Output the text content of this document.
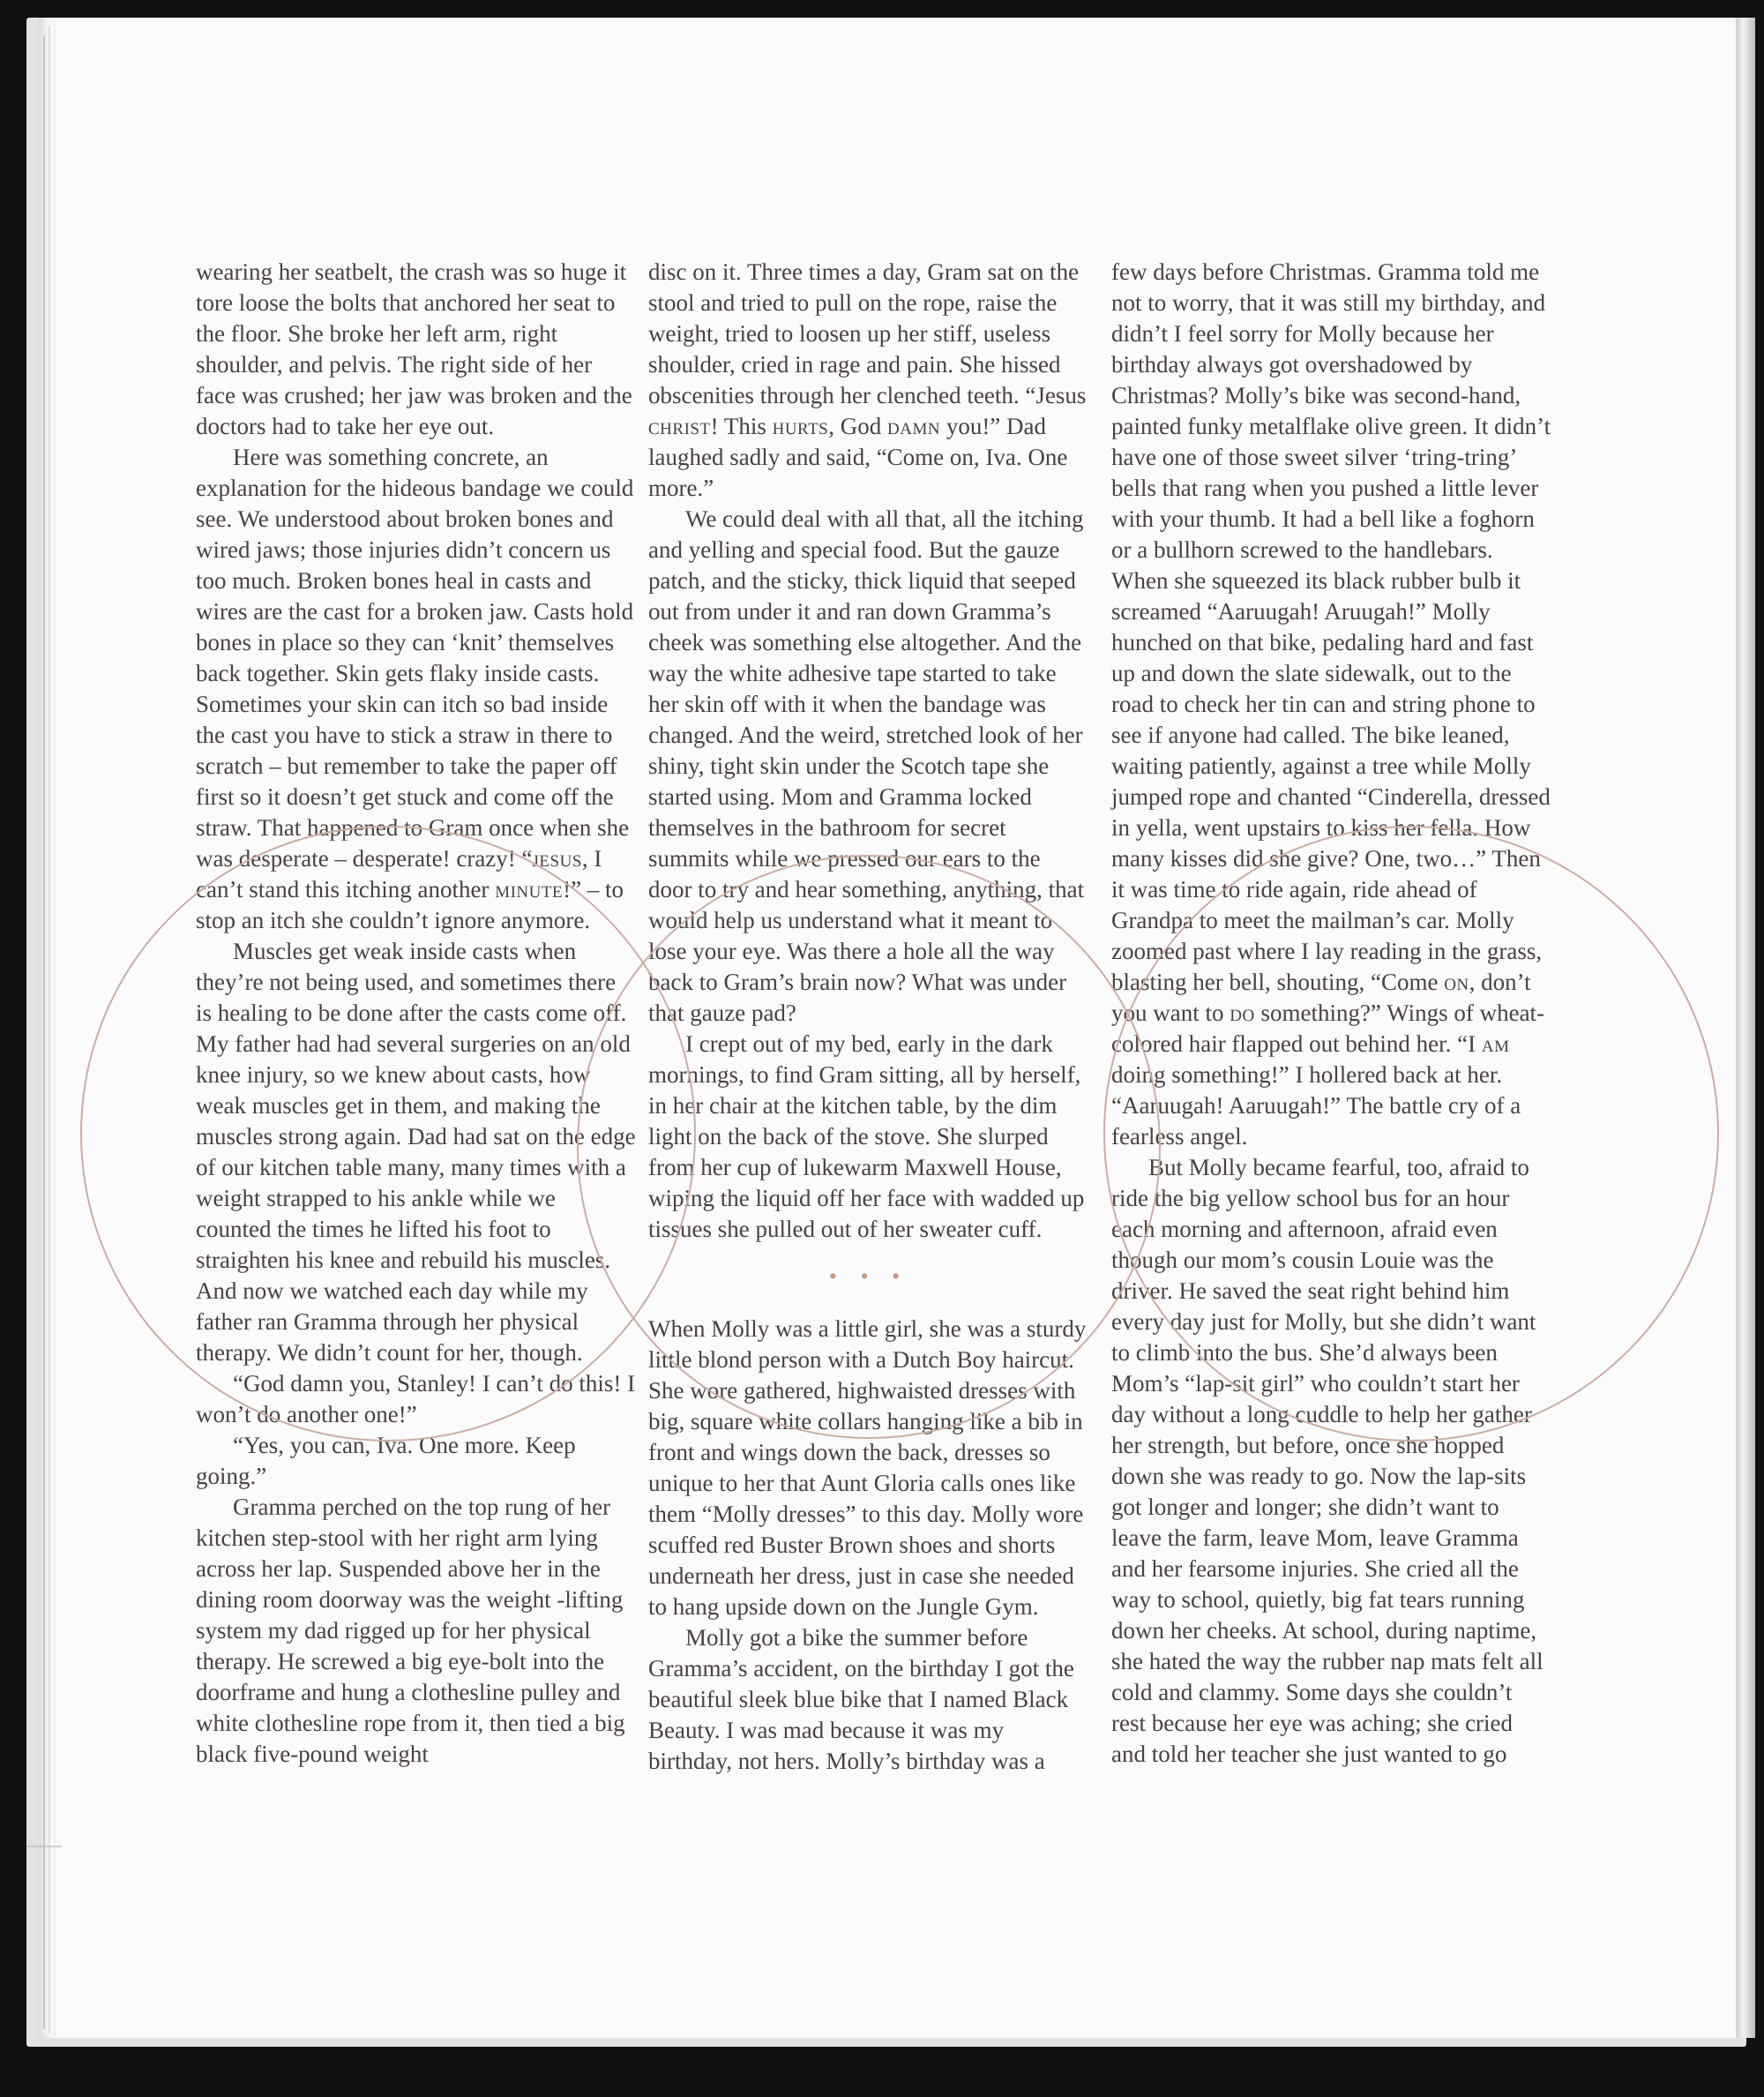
wearing her seatbelt, the crash was so huge it tore loose the bolts that anchored her seat to the floor. She broke her left arm, right shoulder, and pelvis. The right side of her face was crushed; her jaw was broken and the doctors had to take her eye out.

Here was something concrete, an explanation for the hideous bandage we could see. We understood about broken bones and wired jaws; those injuries didn’t concern us too much. Broken bones heal in casts and wires are the cast for a broken jaw. Casts hold bones in place so they can ‘knit’ themselves back together. Skin gets flaky inside casts. Sometimes your skin can itch so bad inside the cast you have to stick a straw in there to scratch – but remember to take the paper off first so it doesn’t get stuck and come off the straw. That happened to Gram once when she was desperate – desperate! crazy! “jesus, I can’t stand this itching another minute!” – to stop an itch she couldn’t ignore anymore.

Muscles get weak inside casts when they’re not being used, and sometimes there is healing to be done after the casts come off. My father had had several surgeries on an old knee injury, so we knew about casts, how weak muscles get in them, and making the muscles strong again. Dad had sat on the edge of our kitchen table many, many times with a weight strapped to his ankle while we counted the times he lifted his foot to straighten his knee and rebuild his muscles. And now we watched each day while my father ran Gramma through her physical therapy. We didn’t count for her, though.

“God damn you, Stanley! I can’t do this! I won’t do another one!”

“Yes, you can, Iva. One more. Keep going.”

Gramma perched on the top rung of her kitchen step-stool with her right arm lying across her lap. Suspended above her in the dining room doorway was the weight -lifting system my dad rigged up for her physical therapy. He screwed a big eye-bolt into the doorframe and hung a clothesline pulley and white clothesline rope from it, then tied a big black five-pound weight

disc on it. Three times a day, Gram sat on the stool and tried to pull on the rope, raise the weight, tried to loosen up her stiff, useless shoulder, cried in rage and pain. She hissed obscenities through her clenched teeth. “Jesus christ! This hurts, God damn you!” Dad laughed sadly and said, “Come on, Iva. One more.”

We could deal with all that, all the itching and yelling and special food. But the gauze patch, and the sticky, thick liquid that seeped out from under it and ran down Gramma’s cheek was something else altogether. And the way the white adhesive tape started to take her skin off with it when the bandage was changed. And the weird, stretched look of her shiny, tight skin under the Scotch tape she started using. Mom and Gramma locked themselves in the bathroom for secret summits while we pressed our ears to the door to try and hear something, anything, that would help us understand what it meant to lose your eye. Was there a hole all the way back to Gram’s brain now? What was under that gauze pad?

I crept out of my bed, early in the dark mornings, to find Gram sitting, all by herself, in her chair at the kitchen table, by the dim light on the back of the stove. She slurped from her cup of lukewarm Maxwell House, wiping the liquid off her face with wadded up tissues she pulled out of her sweater cuff.

• • •

When Molly was a little girl, she was a sturdy little blond person with a Dutch Boy haircut. She wore gathered, highwaisted dresses with big, square white collars hanging like a bib in front and wings down the back, dresses so unique to her that Aunt Gloria calls ones like them “Molly dresses” to this day. Molly wore scuffed red Buster Brown shoes and shorts underneath her dress, just in case she needed to hang upside down on the Jungle Gym.

Molly got a bike the summer before Gramma’s accident, on the birthday I got the beautiful sleek blue bike that I named Black Beauty. I was mad because it was my birthday, not hers. Molly’s birthday was a

few days before Christmas. Gramma told me not to worry, that it was still my birthday, and didn’t I feel sorry for Molly because her birthday always got overshadowed by Christmas? Molly’s bike was second-hand, painted funky metalflake olive green. It didn’t have one of those sweet silver ‘tring-tring’ bells that rang when you pushed a little lever with your thumb. It had a bell like a foghorn or a bullhorn screwed to the handlebars. When she squeezed its black rubber bulb it screamed “Aaruugah! Aruugah!” Molly hunched on that bike, pedaling hard and fast up and down the slate sidewalk, out to the road to check her tin can and string phone to see if anyone had called. The bike leaned, waiting patiently, against a tree while Molly jumped rope and chanted “Cinderella, dressed in yella, went upstairs to kiss her fella. How many kisses did she give? One, two…” Then it was time to ride again, ride ahead of Grandpa to meet the mailman’s car. Molly zoomed past where I lay reading in the grass, blasting her bell, shouting, “Come on, don’t you want to do something?” Wings of wheat-colored hair flapped out behind her. “I am doing something!” I hollered back at her. “Aaruugah! Aaruugah!” The battle cry of a fearless angel.

But Molly became fearful, too, afraid to ride the big yellow school bus for an hour each morning and afternoon, afraid even though our mom’s cousin Louie was the driver. He saved the seat right behind him every day just for Molly, but she didn’t want to climb into the bus. She’d always been Mom’s “lap-sit girl” who couldn’t start her day without a long cuddle to help her gather her strength, but before, once she hopped down she was ready to go. Now the lap-sits got longer and longer; she didn’t want to leave the farm, leave Mom, leave Gramma and her fearsome injuries. She cried all the way to school, quietly, big fat tears running down her cheeks. At school, during naptime, she hated the way the rubber nap mats felt all cold and clammy. Some days she couldn’t rest because her eye was aching; she cried and told her teacher she just wanted to go
